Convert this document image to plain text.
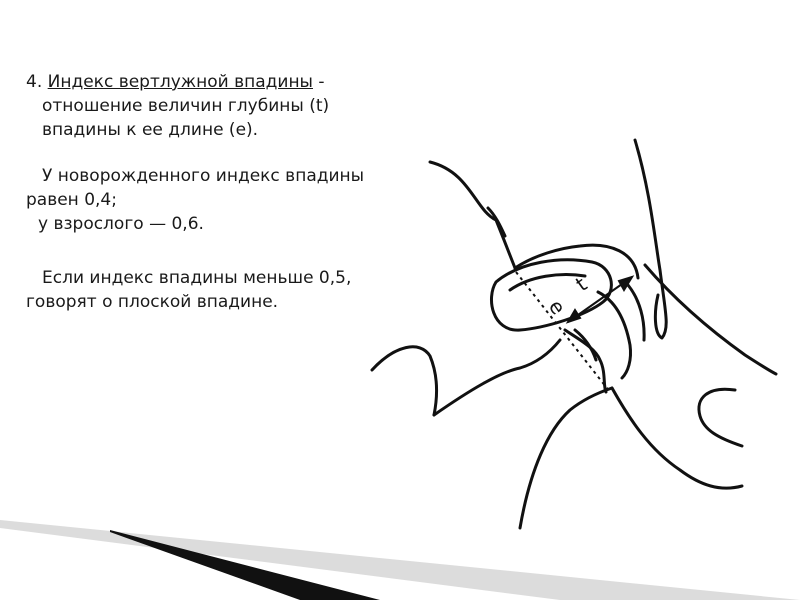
4. Индекс вертлужной впадины -
отношение величин глубины (t)
впадины к ее длине (е).
У новорожденного индекс впадины
равен 0,4;
у взрослого — 0,6.
Если индекс впадины меньше 0,5,
говорят о плоской впадине.
t
e
